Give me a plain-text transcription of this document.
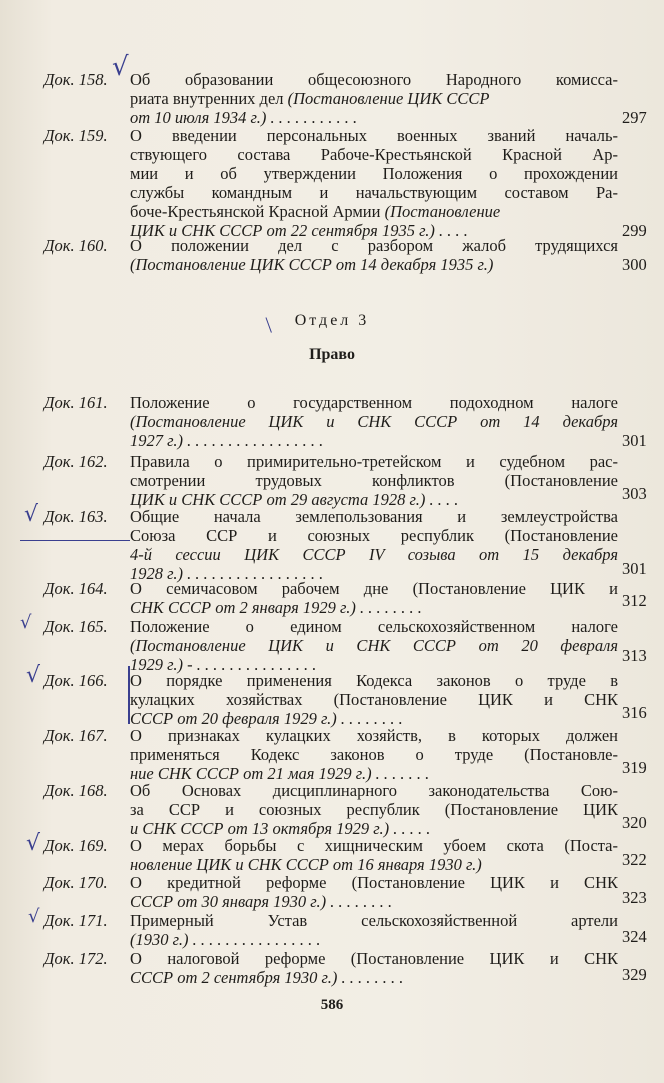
Док. 158.	Об образовании общесоюзного Народного комисса-
риата внутренних дел (Постановление ЦИК СССР
от 10 июля 1934 г.) . . . . . . . . . . .	297
Док. 159.	О введении персональных военных званий началь-
ствующего состава Рабоче-Крестьянской Красной Ар-
мии и об утверждении Положения о прохождении
службы командным и начальствующим составом Ра-
боче-Крестьянской Красной Армии (Постановление
ЦИК и СНК СССР от 22 сентября 1935 г.) . . . .	299
Док. 160.	О положении дел с разбором жалоб трудящихся
(Постановление ЦИК СССР от 14 декабря 1935 г.)	300
Отдел 3
Право
Док. 161.	Положение о государственном подоходном налоге
(Постановление ЦИК и СНК СССР от 14 декабря
1927 г.) . . . . . . . . . . . . . . . . .	301
Док. 162.	Правила о примирительно-третейском и судебном рас-
смотрении трудовых конфликтов (Постановление
ЦИК и СНК СССР от 29 августа 1928 г.) . . . .	303
Док. 163.	Общие начала землепользования и землеустройства
Союза ССР и союзных республик (Постановление
4-й сессии ЦИК СССР IV созыва от 15 декабря
1928 г.) . . . . . . . . . . . . . . . . .	301
Док. 164.	О семичасовом рабочем дне (Постановление ЦИК и
СНК СССР от 2 января 1929 г.) . . . . . . . .	312
Док. 165.	Положение о едином сельскохозяйственном налоге
(Постановление ЦИК и СНК СССР от 20 февраля
1929 г.) - . . . . . . . . . . . . . . .	313
Док. 166.	О порядке применения Кодекса законов о труде в
кулацких хозяйствах (Постановление ЦИК и СНК
СССР от 20 февраля 1929 г.) . . . . . . . .	316
Док. 167.	О признаках кулацких хозяйств, в которых должен
применяться Кодекс законов о труде (Постановле-
ние СНК СССР от 21 мая 1929 г.) . . . . . . .	319
Док. 168.	Об Основах дисциплинарного законодательства Сою-
за ССР и союзных республик (Постановление ЦИК
и СНК СССР от 13 октября 1929 г.) . . . . .	320
Док. 169.	О мерах борьбы с хищническим убоем скота (Поста-
новление ЦИК и СНК СССР от 16 января 1930 г.)	322
Док. 170.	О кредитной реформе (Постановление ЦИК и СНК
СССР от 30 января 1930 г.) . . . . . . . .	323
Док. 171.	Примерный Устав сельскохозяйственной артели
(1930 г.) . . . . . . . . . . . . . . . .	324
Док. 172.	О налоговой реформе (Постановление ЦИК и СНК
СССР от 2 сентября 1930 г.) . . . . . . . .	329
586
√
√
√
√
√
√
